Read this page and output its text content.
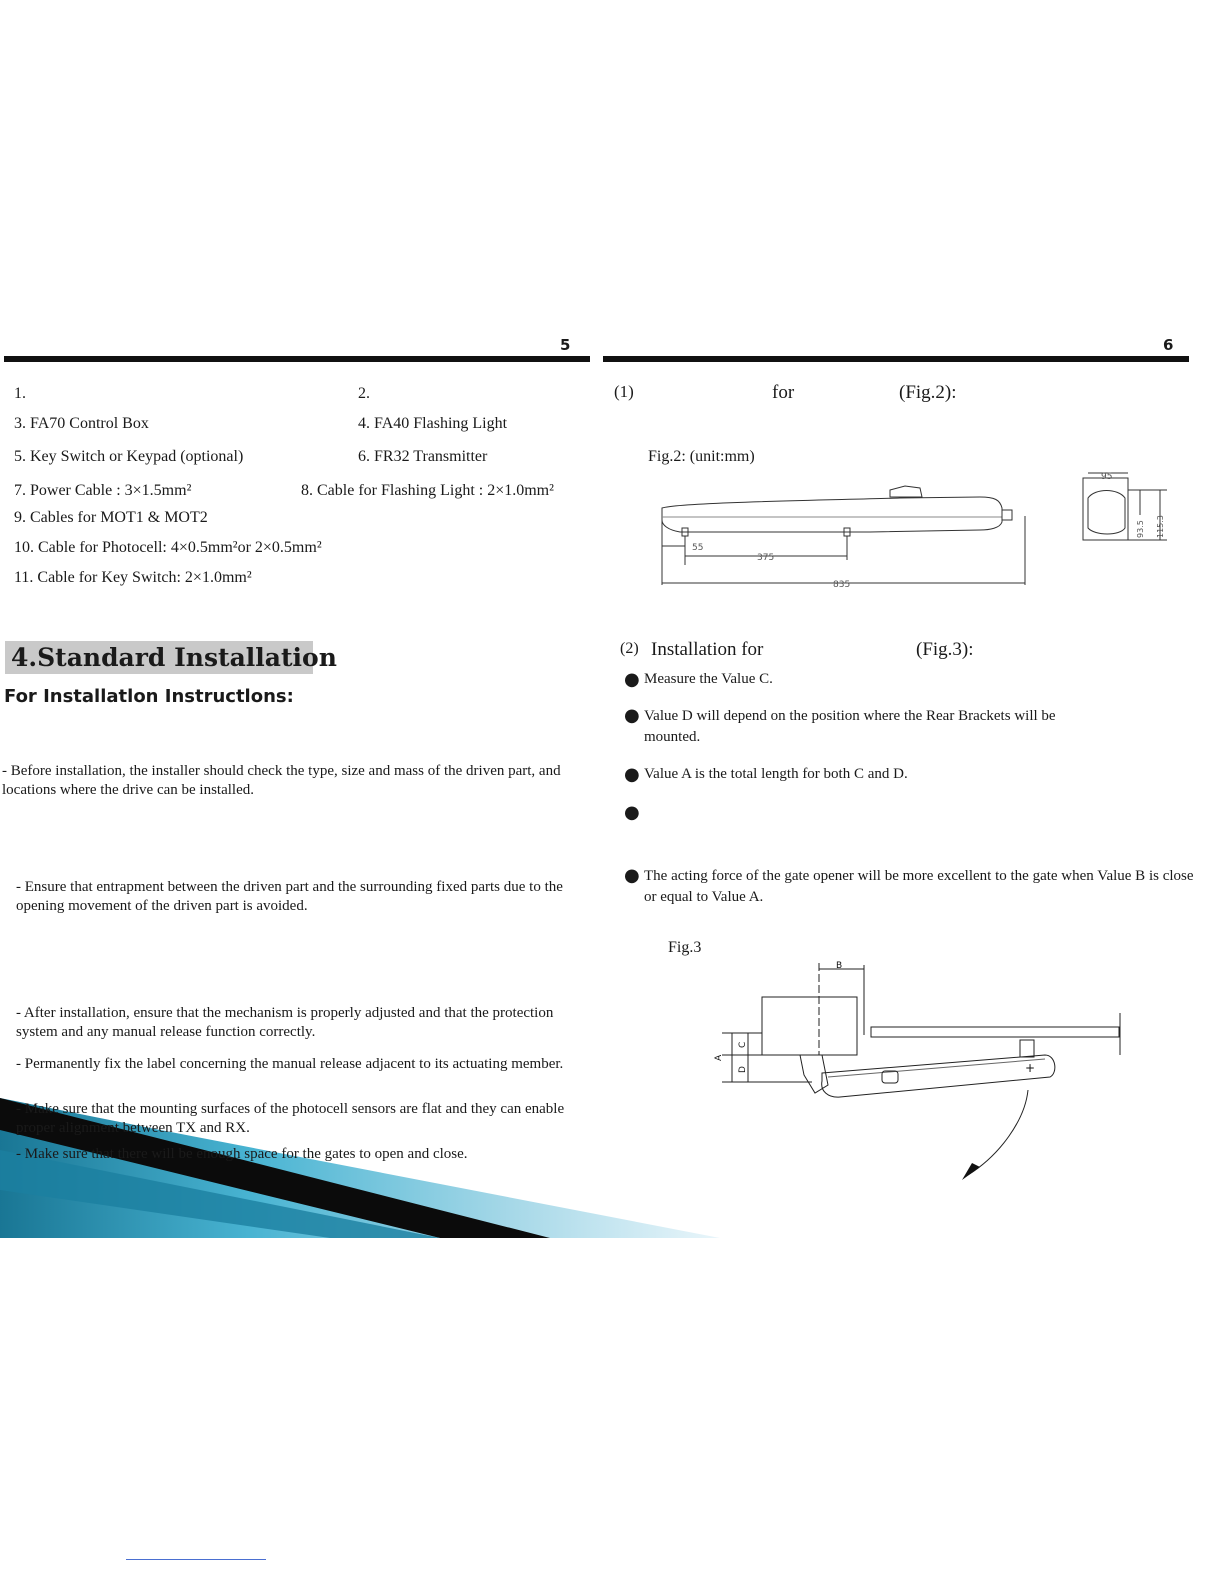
5	6
1.	2.
3. FA70 Control Box	4. FA40 Flashing Light
5. Key Switch or Keypad (optional)	6. FR32 Transmitter
7. Power Cable : 3×1.5mm²	8. Cable for Flashing Light : 2×1.0mm²
9. Cables for MOT1 & MOT2
10. Cable for Photocell: 4×0.5mm²or 2×0.5mm²
11. Cable for Key Switch: 2×1.0mm²
4.Standard Installation
For Installatlon Instructlons:
- Before installation, the installer should check the type, size and mass of the driven part, and locations where the drive can be installed.
- Ensure that entrapment between the driven part and the surrounding fixed parts due to the opening movement of the driven part is avoided.
- After installation, ensure that the mechanism is properly adjusted and that the protection system and any manual release function correctly.
- Permanently fix the label concerning the manual release adjacent to its actuating member.
- Make sure that the mounting surfaces of the photocell sensors are flat and they can enable proper alignment between TX and RX.
- Make sure that there will be enough space for the gates to open and close.
(1)	for	(Fig.2):
Fig.2: (unit:mm)
55
375
835
95
93.5 115.3
(2) Installation for	(Fig.3):
● Measure the Value C.
● Value D will depend on the position where the Rear Brackets will be mounted.
● Value A is the total length for both C and D.
●
● The acting force of the gate opener will be more excellent to the gate when Value B is close or equal to Value A.
Fig.3
B
A
C
D	+
